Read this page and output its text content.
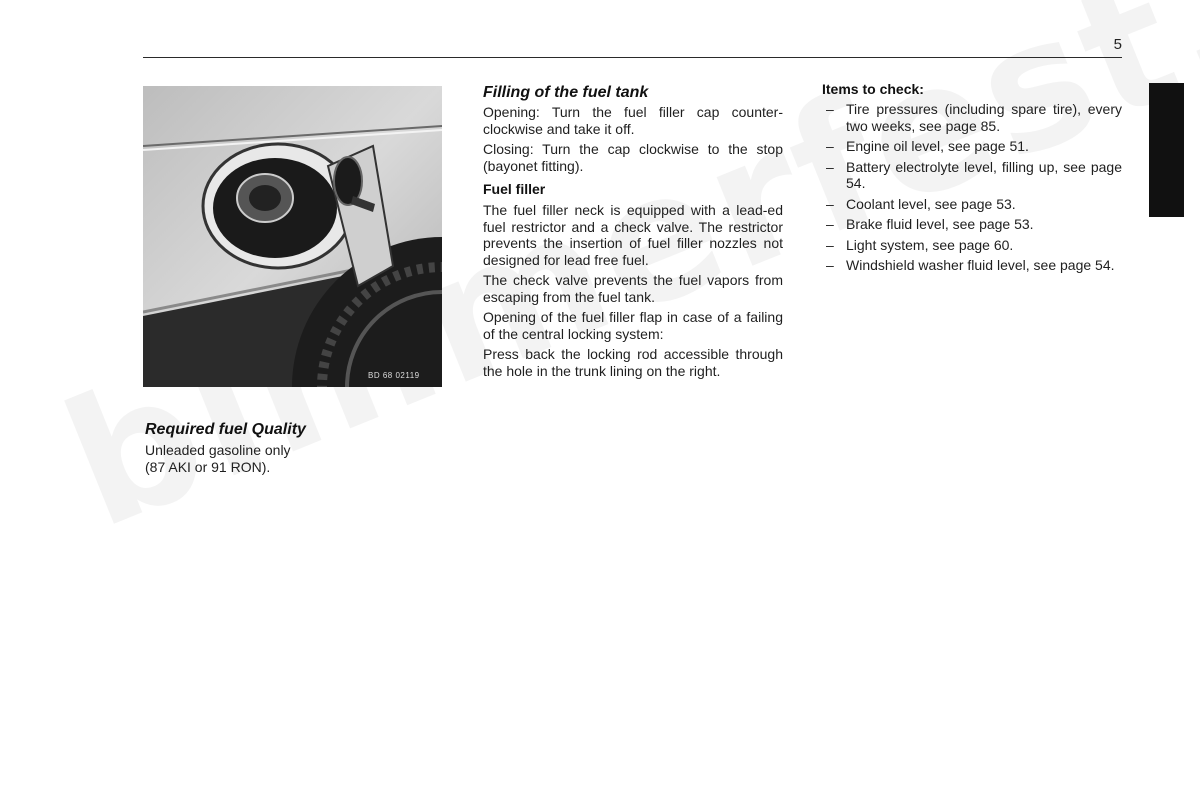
5
BD 68 02119
Required fuel Quality

Unleaded gasoline only

(87 AKI or 91 RON).

Filling of the fuel tank

Opening: Turn the fuel filler cap counter-clockwise and take it off.

Closing: Turn the cap clockwise to the stop (bayonet fitting).

Fuel filler

The fuel filler neck is equipped with a lead-ed fuel restrictor and a check valve. The restrictor prevents the insertion of fuel filler nozzles not designed for lead free fuel.

The check valve prevents the fuel vapors from escaping from the fuel tank.

Opening of the fuel filler flap in case of a failing of the central locking system:

Press back the locking rod accessible through the hole in the trunk lining on the right.

Items to check:
– Tire pressures (including spare tire), every two weeks, see page 85.
– Engine oil level, see page 51.
– Battery electrolyte level, filling up, see page 54.
– Coolant level, see page 53.
– Brake fluid level, see page 53.
– Light system, see page 60.
– Windshield washer fluid level, see page 54.
